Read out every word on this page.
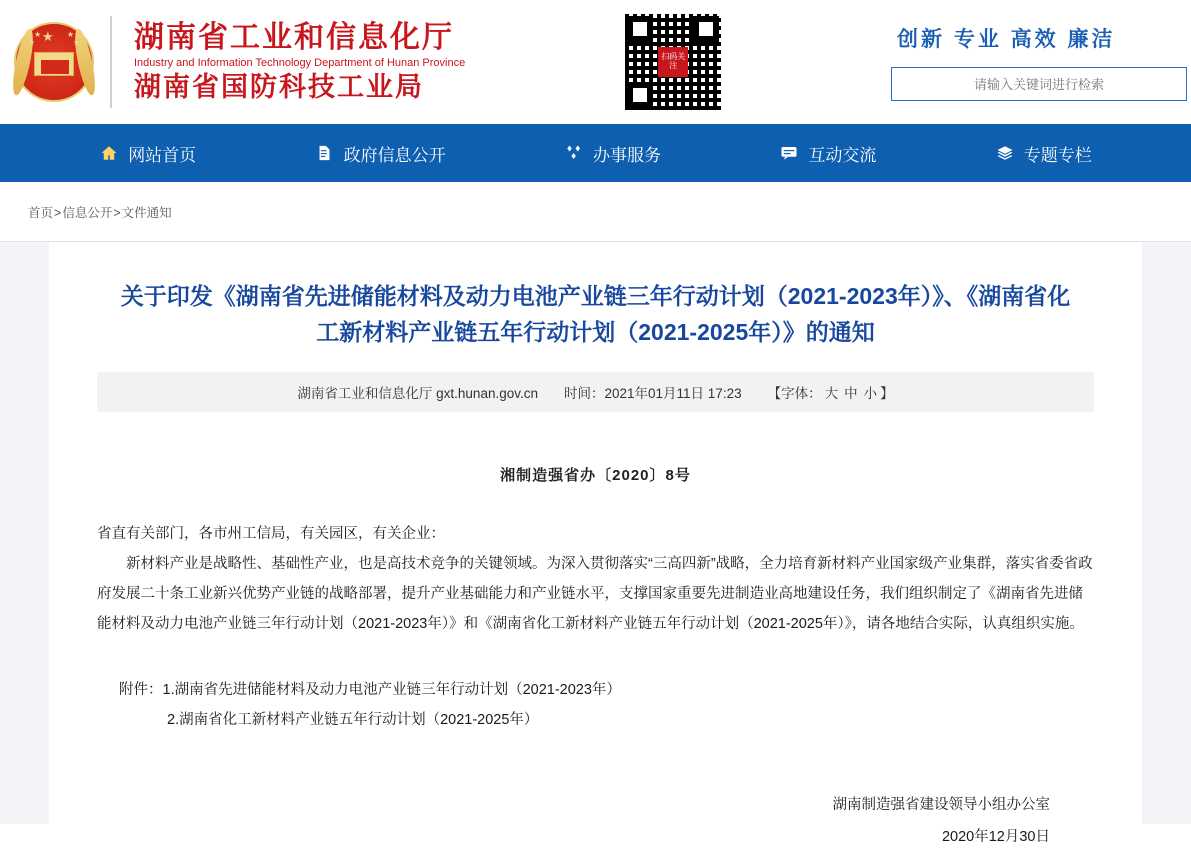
★
★	★
★ 湖南省工业和信息化厅
Industry and Information Technology Department of Hunan Province
湖南省国防科技工业局
扫码关注
创新 专业 高效 廉洁
请输入关键词进行检索
网站首页	政府信息公开	办事服务	互动交流	专题专栏
首页>信息公开>文件通知
关于印发《湖南省先进储能材料及动力电池产业链三年行动计划（2021-2023年）》、《湖南省化工新材料产业链五年行动计划（2021-2025年）》的通知
湖南省工业和信息化厅 gxt.hunan.gov.cn 时间：2021年01月11日 17:23 【字体： 大 中 小 】
湘制造强省办〔2020〕8号

省直有关部门，各市州工信局，有关园区，有关企业：

新材料产业是战略性、基础性产业，也是高技术竞争的关键领域。为深入贯彻落实“三高四新”战略，全力培育新材料产业国家级产业集群，落实省委省政府发展二十条工业新兴优势产业链的战略部署，提升产业基础能力和产业链水平，支撑国家重要先进制造业高地建设任务，我们组织制定了《湖南省先进储能材料及动力电池产业链三年行动计划（2021-2023年）》和《湖南省化工新材料产业链五年行动计划（2021-2025年）》，请各地结合实际，认真组织实施。

附件：1.湖南省先进储能材料及动力电池产业链三年行动计划（2021-2023年）
2.湖南省化工新材料产业链五年行动计划（2021-2025年）
湖南制造强省建设领导小组办公室
2020年12月30日
